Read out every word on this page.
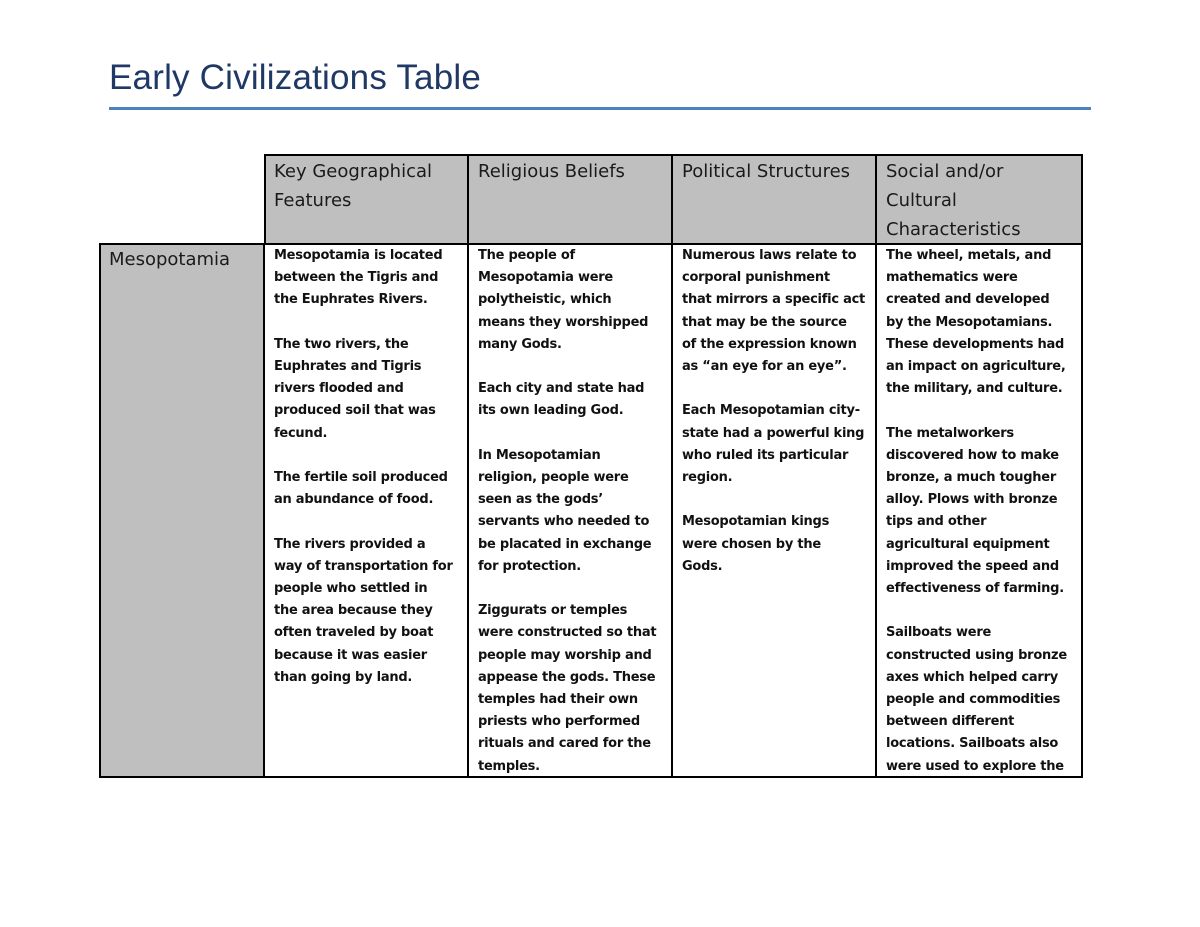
Early Civilizations Table
Key Geographical
Features
Religious Beliefs	Political Structures Social and/or
Cultural
Characteristics
Mesopotamia	Mesopotamia is located
between the Tigris and
the Euphrates Rivers.

The two rivers, the
Euphrates and Tigris
rivers flooded and
produced soil that was
fecund.

The fertile soil produced
an abundance of food.

The rivers provided a
way of transportation for
people who settled in
the area because they
often traveled by boat
because it was easier
than going by land.

The people of
Mesopotamia were
polytheistic, which
means they worshipped
many Gods.

Each city and state had
its own leading God.

In Mesopotamian
religion, people were
seen as the gods’
servants who needed to
be placated in exchange
for protection.

Ziggurats or temples
were constructed so that
people may worship and
appease the gods. These
temples had their own
priests who performed
rituals and cared for the
temples.

Numerous laws relate to
corporal punishment
that mirrors a specific act
that may be the source
of the expression known
as “an eye for an eye”.

Each Mesopotamian city-
state had a powerful king
who ruled its particular
region.

Mesopotamian kings
were chosen by the
Gods.

The wheel, metals, and
mathematics were
created and developed
by the Mesopotamians.
These developments had
an impact on agriculture,
the military, and culture.

The metalworkers
discovered how to make
bronze, a much tougher
alloy. Plows with bronze
tips and other
agricultural equipment
improved the speed and
effectiveness of farming.

Sailboats were
constructed using bronze
axes which helped carry
people and commodities
between different
locations. Sailboats also
were used to explore the
